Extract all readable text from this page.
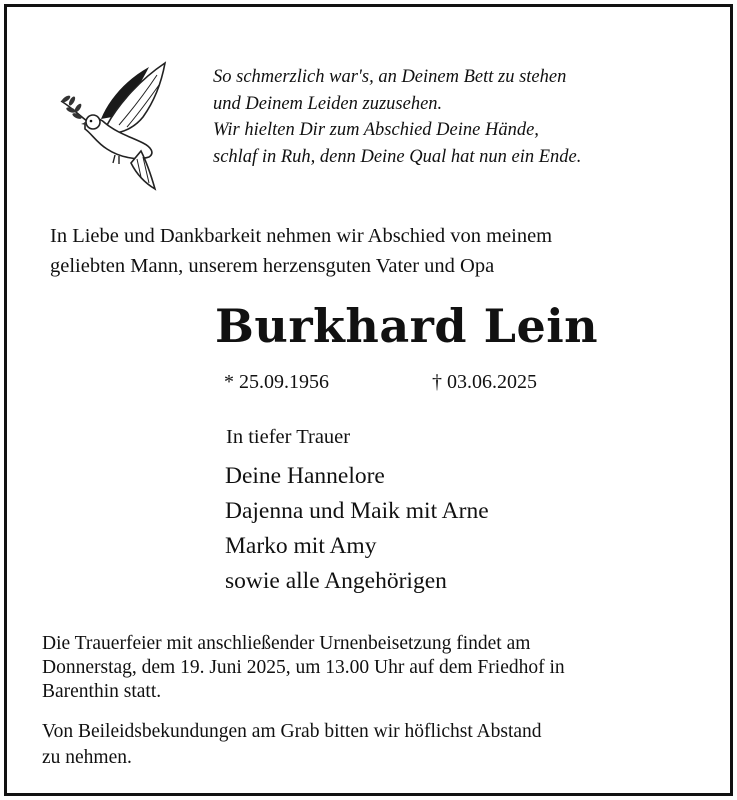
So schmerzlich war's, an Deinem Bett zu stehen
und Deinem Leiden zuzusehen.
Wir hielten Dir zum Abschied Deine Hände,
schlaf in Ruh, denn Deine Qual hat nun ein Ende.
In Liebe und Dankbarkeit nehmen wir Abschied von meinem
geliebten Mann, unserem herzensguten Vater und Opa
Burkhard Lein
* 25.09.1956	† 03.06.2025
In tiefer Trauer
Deine Hannelore
Dajenna und Maik mit Arne
Marko mit Amy
sowie alle Angehörigen
Die Trauerfeier mit anschließender Urnenbeisetzung findet am
Donnerstag, dem 19. Juni 2025, um 13.00 Uhr auf dem Friedhof in
Barenthin statt.
Von Beileidsbekundungen am Grab bitten wir höflichst Abstand
zu nehmen.
